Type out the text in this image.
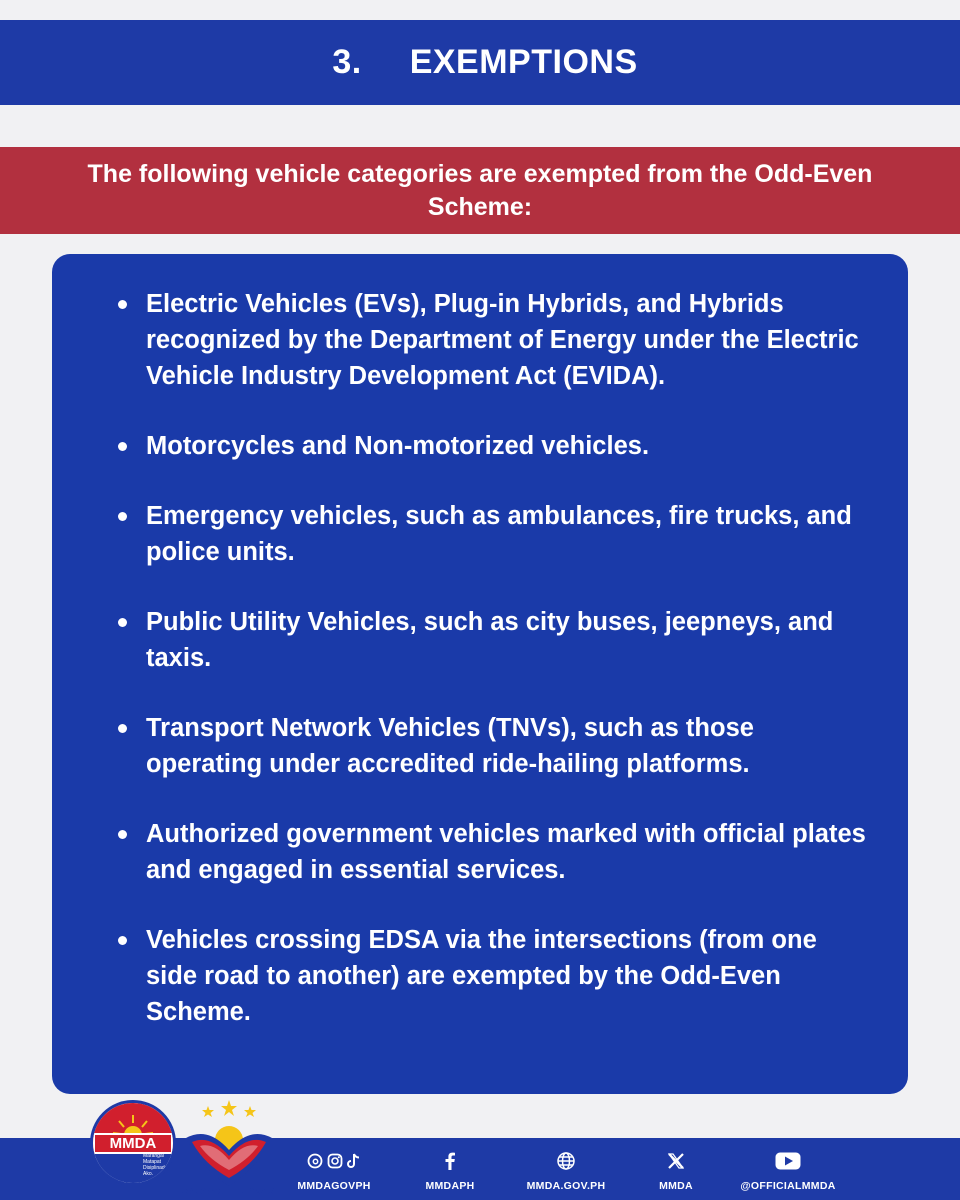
3. EXEMPTIONS
The following vehicle categories are exempted from the Odd-Even Scheme:
Electric Vehicles (EVs), Plug-in Hybrids, and Hybrids recognized by the Department of Energy under the Electric Vehicle Industry Development Act (EVIDA).
Motorcycles and Non-motorized vehicles.
Emergency vehicles, such as ambulances, fire trucks, and police units.
Public Utility Vehicles, such as city buses, jeepneys, and taxis.
Transport Network Vehicles (TNVs), such as those operating under accredited ride-hailing platforms.
Authorized government vehicles marked with official plates and engaged in essential services.
Vehicles crossing EDSA via the intersections (from one side road to another) are exempted by the Odd-Even Scheme.
MMDA
Marangal Matapat Disiplinado Ako.
BAGONG PILIPINAS	MMDAGOVPH	MMDAPH	MMDA.GOV.PH	MMDA	@OFFICIALMMDA
